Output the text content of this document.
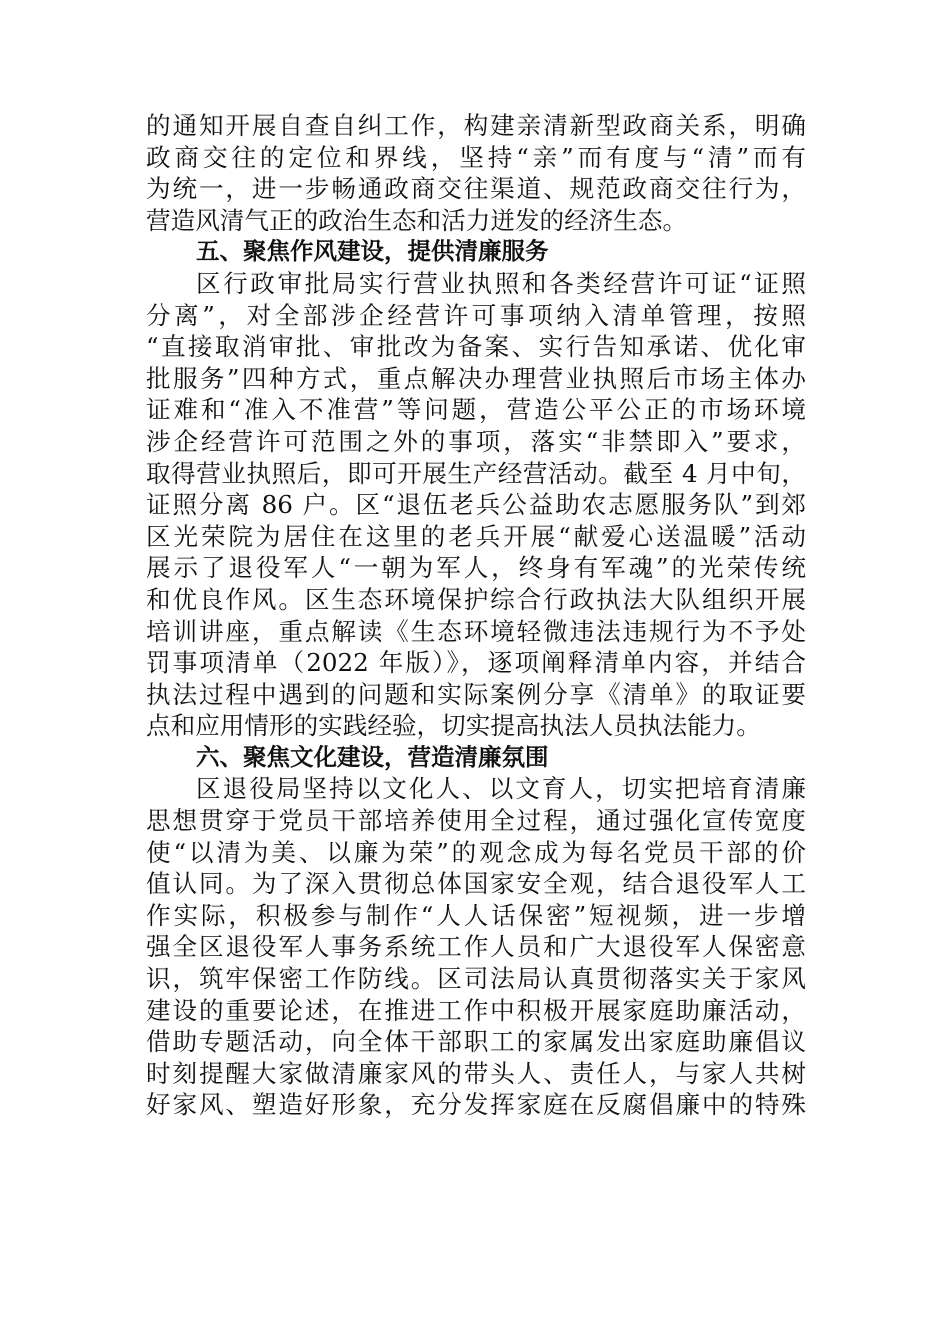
的通知开展自查自纠工作，构建亲清新型政商关系，明确
政商交往的定位和界线，坚持“亲”而有度与“清”而有
为统一，进一步畅通政商交往渠道、规范政商交往行为，
营造风清气正的政治生态和活力迸发的经济生态。
五、聚焦作风建设，提供清廉服务
区行政审批局实行营业执照和各类经营许可证“证照
分离”，对全部涉企经营许可事项纳入清单管理，按照
“直接取消审批、审批改为备案、实行告知承诺、优化审
批服务”四种方式，重点解决办理营业执照后市场主体办
证难和“准入不准营”等问题，营造公平公正的市场环境
涉企经营许可范围之外的事项，落实“非禁即入”要求，
取得营业执照后，即可开展生产经营活动。截至 4 月中旬，
证照分离 86 户。区“退伍老兵公益助农志愿服务队”到郊
区光荣院为居住在这里的老兵开展“献爱心送温暖”活动
展示了退役军人“一朝为军人，终身有军魂”的光荣传统
和优良作风。区生态环境保护综合行政执法大队组织开展
培训讲座，重点解读《生态环境轻微违法违规行为不予处
罚事项清单（2022 年版）》，逐项阐释清单内容，并结合
执法过程中遇到的问题和实际案例分享《清单》的取证要
点和应用情形的实践经验，切实提高执法人员执法能力。
六、聚焦文化建设，营造清廉氛围
区退役局坚持以文化人、以文育人，切实把培育清廉
思想贯穿于党员干部培养使用全过程，通过强化宣传宽度
使“以清为美、以廉为荣”的观念成为每名党员干部的价
值认同。为了深入贯彻总体国家安全观，结合退役军人工
作实际，积极参与制作“人人话保密”短视频，进一步增
强全区退役军人事务系统工作人员和广大退役军人保密意
识，筑牢保密工作防线。区司法局认真贯彻落实关于家风
建设的重要论述，在推进工作中积极开展家庭助廉活动，
借助专题活动，向全体干部职工的家属发出家庭助廉倡议
时刻提醒大家做清廉家风的带头人、责任人，与家人共树
好家风、塑造好形象，充分发挥家庭在反腐倡廉中的特殊
